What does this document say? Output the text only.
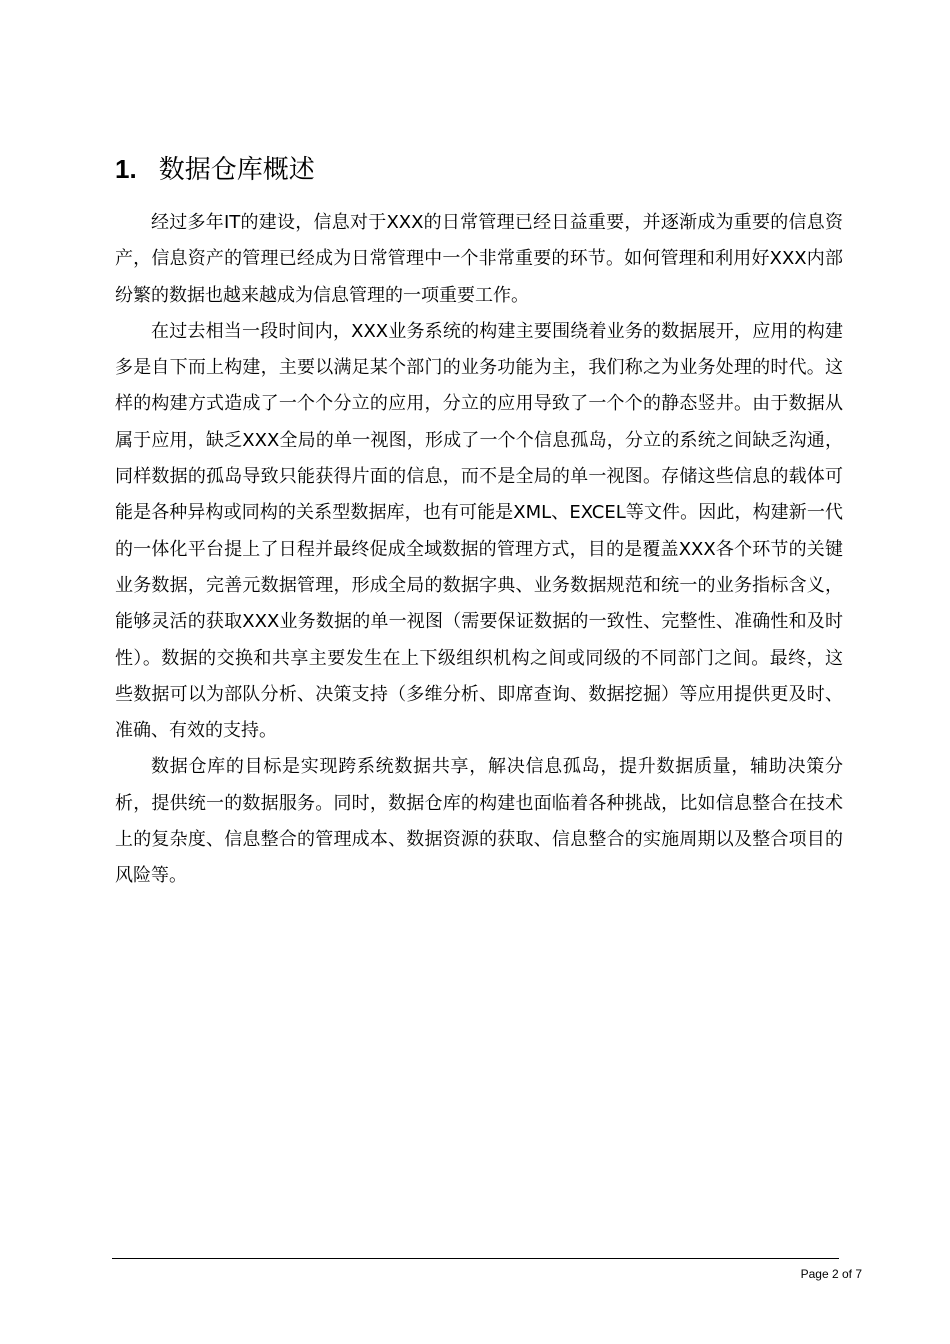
1. 数据仓库概述

经过多年IT的建设，信息对于XXX的日常管理已经日益重要，并逐渐成为重要的信息资产，信息资产的管理已经成为日常管理中一个非常重要的环节。如何管理和利用好XXX内部纷繁的数据也越来越成为信息管理的一项重要工作。

在过去相当一段时间内，XXX业务系统的构建主要围绕着业务的数据展开，应用的构建多是自下而上构建，主要以满足某个部门的业务功能为主，我们称之为业务处理的时代。这样的构建方式造成了一个个分立的应用，分立的应用导致了一个个的静态竖井。由于数据从属于应用，缺乏XXX全局的单一视图，形成了一个个信息孤岛，分立的系统之间缺乏沟通，同样数据的孤岛导致只能获得片面的信息，而不是全局的单一视图。存储这些信息的载体可能是各种异构或同构的关系型数据库，也有可能是XML、EXCEL等文件。因此，构建新一代的一体化平台提上了日程并最终促成全域数据的管理方式，目的是覆盖XXX各个环节的关键业务数据，完善元数据管理，形成全局的数据字典、业务数据规范和统一的业务指标含义，能够灵活的获取XXX业务数据的单一视图（需要保证数据的一致性、完整性、准确性和及时性）。数据的交换和共享主要发生在上下级组织机构之间或同级的不同部门之间。最终，这些数据可以为部队分析、决策支持（多维分析、即席查询、数据挖掘）等应用提供更及时、准确、有效的支持。

数据仓库的目标是实现跨系统数据共享，解决信息孤岛，提升数据质量，辅助决策分析，提供统一的数据服务。同时，数据仓库的构建也面临着各种挑战，比如信息整合在技术上的复杂度、信息整合的管理成本、数据资源的获取、信息整合的实施周期以及整合项目的风险等。

Page 2 of 7
